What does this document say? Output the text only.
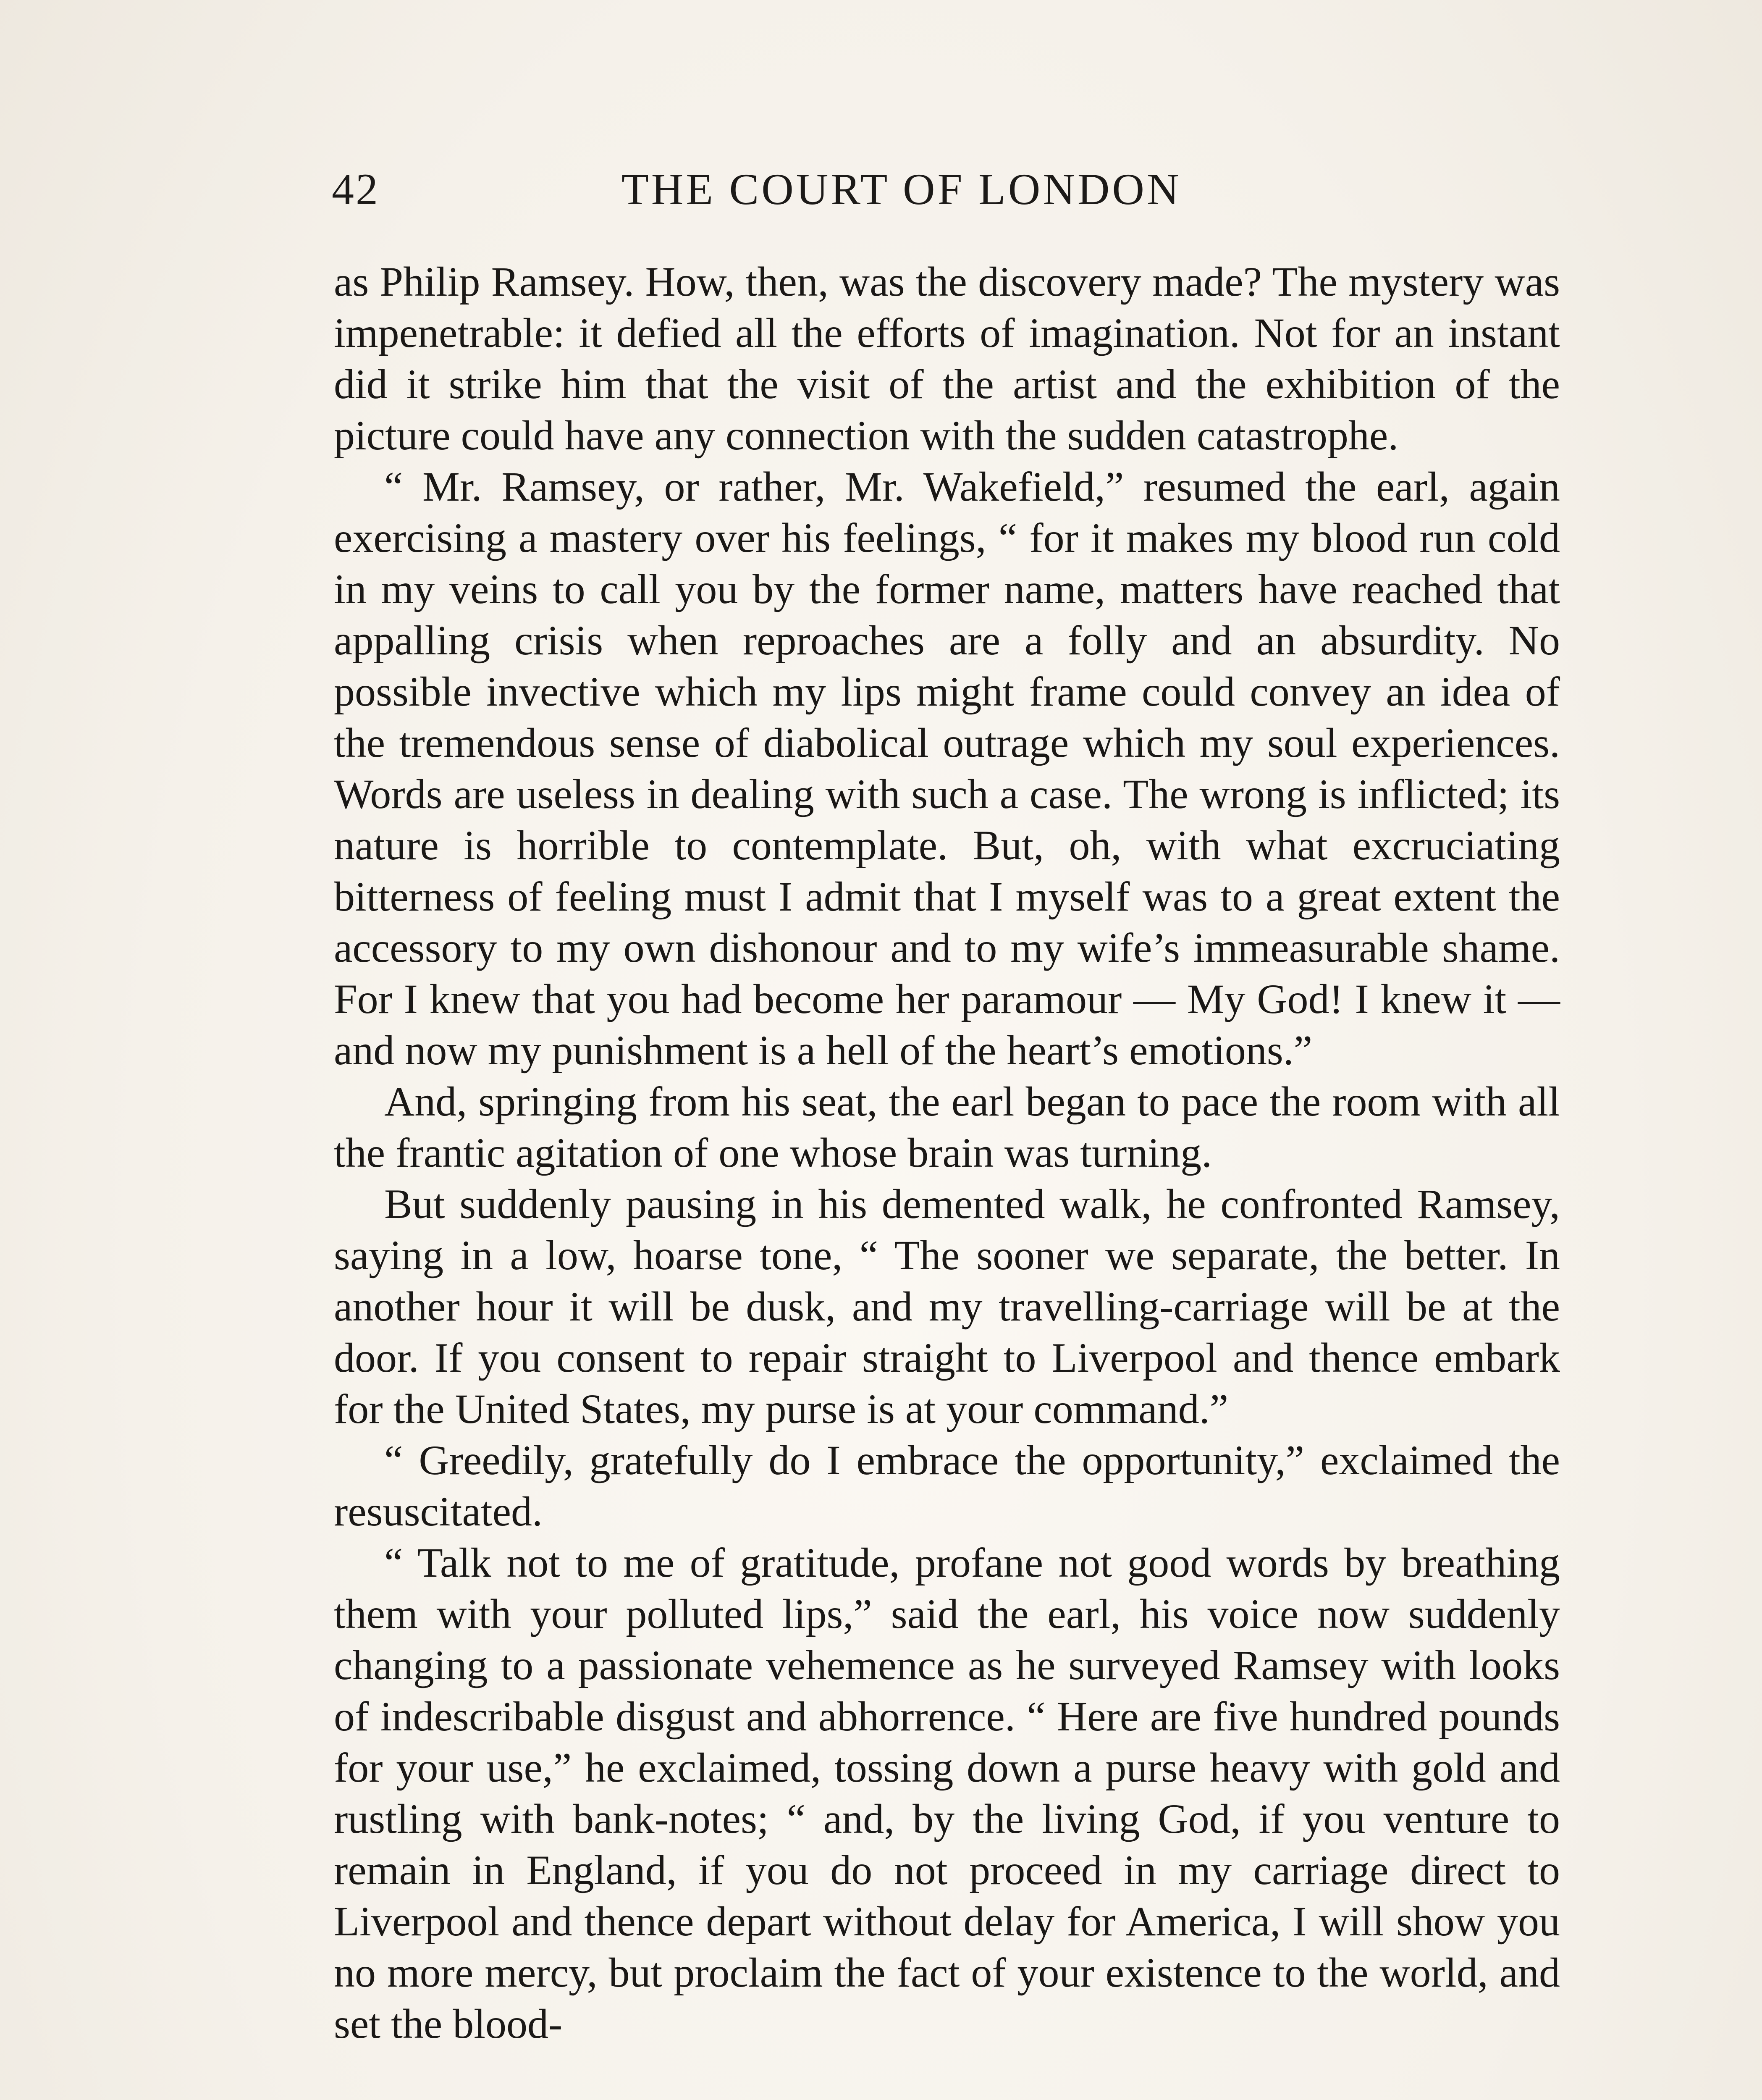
42	THE COURT OF LONDON

as Philip Ramsey. How, then, was the discovery made? The mystery was impenetrable: it defied all the efforts of imagination. Not for an instant did it strike him that the visit of the artist and the exhibition of the picture could have any connection with the sudden catastrophe.

“ Mr. Ramsey, or rather, Mr. Wakefield,” resumed the earl, again exercising a mastery over his feelings, “ for it makes my blood run cold in my veins to call you by the former name, matters have reached that appalling crisis when reproaches are a folly and an absurdity. No possible invective which my lips might frame could convey an idea of the tremendous sense of diabolical outrage which my soul experiences. Words are useless in dealing with such a case. The wrong is inflicted; its nature is horrible to contemplate. But, oh, with what excruciating bitterness of feeling must I admit that I myself was to a great extent the accessory to my own dishonour and to my wife’s immeasurable shame. For I knew that you had become her paramour — My God! I knew it — and now my punishment is a hell of the heart’s emotions.”

And, springing from his seat, the earl began to pace the room with all the frantic agitation of one whose brain was turning.

But suddenly pausing in his demented walk, he confronted Ramsey, saying in a low, hoarse tone, “ The sooner we separate, the better. In another hour it will be dusk, and my travelling-carriage will be at the door. If you consent to repair straight to Liverpool and thence embark for the United States, my purse is at your command.”

“ Greedily, gratefully do I embrace the opportunity,” exclaimed the resuscitated.

“ Talk not to me of gratitude, profane not good words by breathing them with your polluted lips,” said the earl, his voice now suddenly changing to a passionate vehemence as he surveyed Ramsey with looks of indescribable disgust and abhorrence. “ Here are five hundred pounds for your use,” he exclaimed, tossing down a purse heavy with gold and rustling with bank-notes; “ and, by the living God, if you venture to remain in England, if you do not proceed in my carriage direct to Liverpool and thence depart without delay for America, I will show you no more mercy, but proclaim the fact of your existence to the world, and set the blood-
